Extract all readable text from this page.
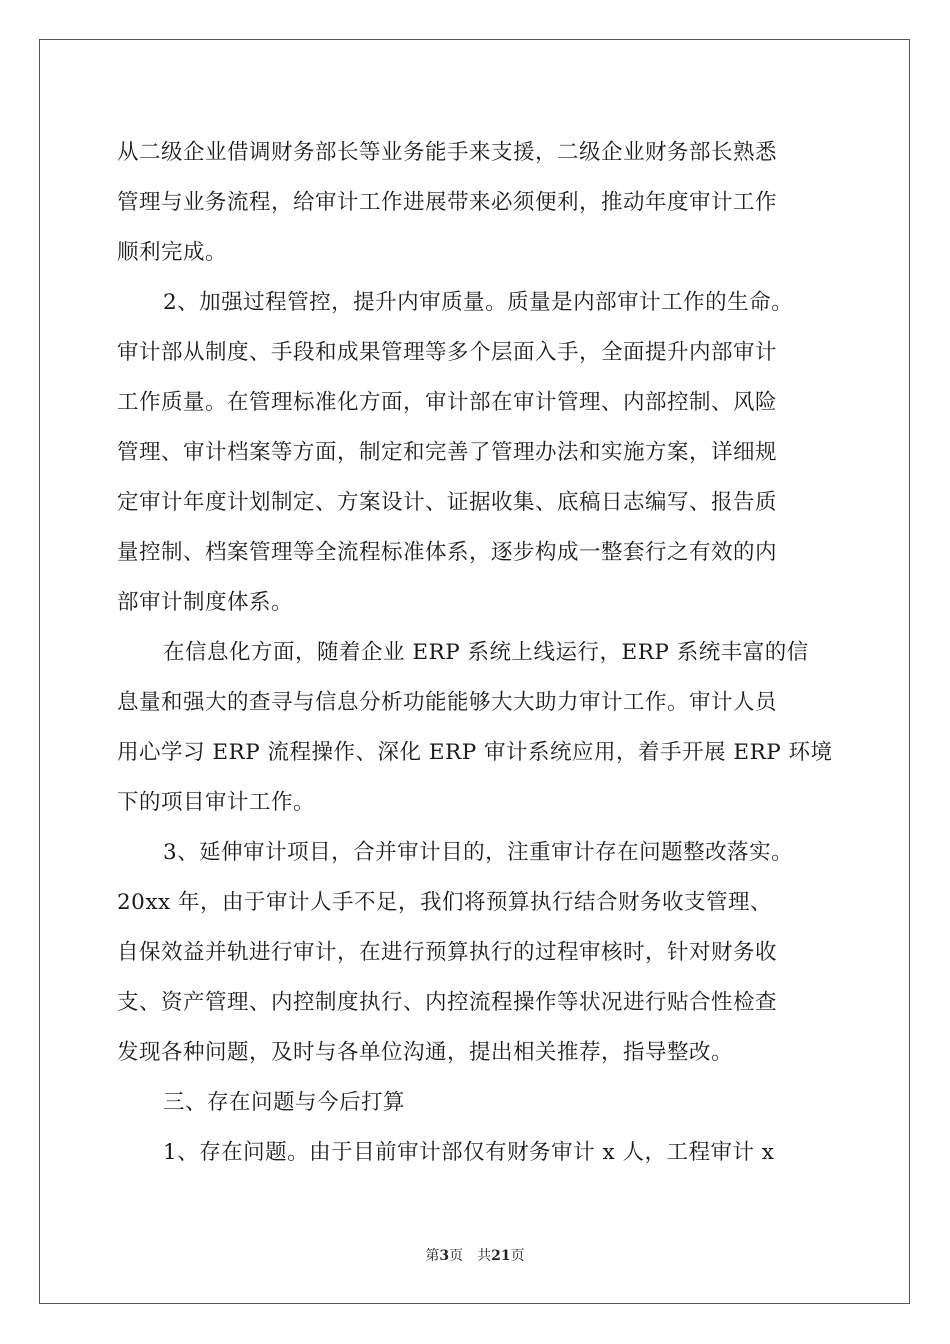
从二级企业借调财务部长等业务能手来支援，二级企业财务部长熟悉
管理与业务流程，给审计工作进展带来必须便利，推动年度审计工作
顺利完成。
2、加强过程管控，提升内审质量。质量是内部审计工作的生命。
审计部从制度、手段和成果管理等多个层面入手，全面提升内部审计
工作质量。在管理标准化方面，审计部在审计管理、内部控制、风险
管理、审计档案等方面，制定和完善了管理办法和实施方案，详细规
定审计年度计划制定、方案设计、证据收集、底稿日志编写、报告质
量控制、档案管理等全流程标准体系，逐步构成一整套行之有效的内
部审计制度体系。
在信息化方面，随着企业 ERP 系统上线运行，ERP 系统丰富的信
息量和强大的查寻与信息分析功能能够大大助力审计工作。审计人员
用心学习 ERP 流程操作、深化 ERP 审计系统应用，着手开展 ERP 环境
下的项目审计工作。
3、延伸审计项目，合并审计目的，注重审计存在问题整改落实。
20xx 年，由于审计人手不足，我们将预算执行结合财务收支管理、
自保效益并轨进行审计，在进行预算执行的过程审核时，针对财务收
支、资产管理、内控制度执行、内控流程操作等状况进行贴合性检查
发现各种问题，及时与各单位沟通，提出相关推荐，指导整改。
三、存在问题与今后打算
1、存在问题。由于目前审计部仅有财务审计 x 人，工程审计 x
第3页 共21页
